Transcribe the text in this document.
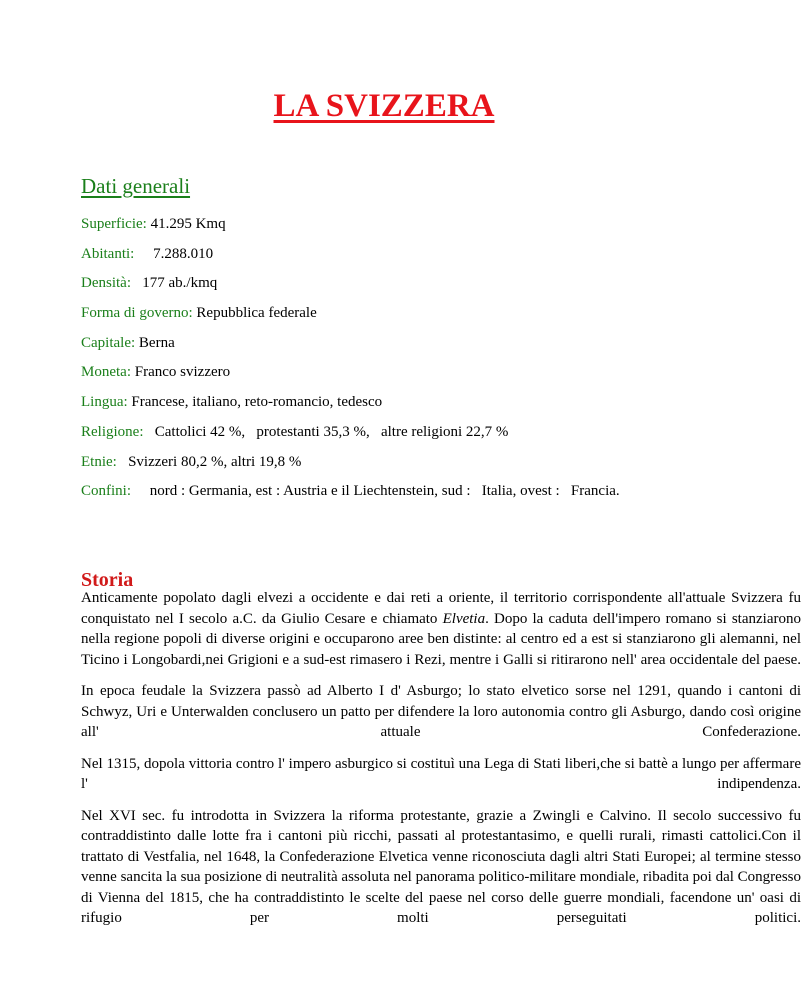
LA SVIZZERA
Dati generali
Superficie: 41.295 Kmq
Abitanti:     7.288.010
Densità:   177 ab./kmq
Forma di governo: Repubblica federale
Capitale: Berna
Moneta: Franco svizzero
Lingua: Francese, italiano, reto-romancio, tedesco
Religione:   Cattolici 42 %,   protestanti 35,3 %,   altre religioni 22,7 %
Etnie:   Svizzeri 80,2 %, altri 19,8 %
Confini:     nord : Germania, est : Austria e il Liechtenstein, sud :   Italia, ovest :   Francia.
Storia

Anticamente popolato dagli elvezi a occidente e dai reti a oriente, il territorio corrispondente all'attuale Svizzera fu conquistato nel I secolo a.C. da Giulio Cesare e chiamato Elvetia. Dopo la caduta dell'impero romano si stanziarono nella regione popoli di diverse origini e occuparono aree ben distinte: al centro ed a est si stanziarono gli alemanni, nel Ticino i Longobardi,nei Grigioni e a sud-est rimasero i Rezi, mentre i Galli si ritirarono nell' area occidentale del paese.

In epoca feudale la Svizzera passò ad Alberto I d' Asburgo; lo stato elvetico sorse nel 1291, quando i cantoni di Schwyz, Uri e Unterwalden conclusero un patto per difendere la loro autonomia contro gli Asburgo, dando così origine all' attuale Confederazione.

Nel 1315, dopola vittoria contro l' impero asburgico si costituì una Lega di Stati liberi,che si battè a lungo per affermare l' indipendenza.

Nel XVI sec. fu introdotta in Svizzera la riforma protestante, grazie a Zwingli e Calvino. Il secolo successivo fu contraddistinto dalle lotte fra i cantoni più ricchi, passati al protestantasimo, e quelli rurali, rimasti cattolici.Con il trattato di Vestfalia, nel 1648, la Confederazione Elvetica venne riconosciuta dagli altri Stati Europei; al termine stesso venne sancita la sua posizione di neutralità assoluta nel panorama politico-militare mondiale, ribadita poi dal Congresso di Vienna del 1815, che ha contraddistinto le scelte del paese nel corso delle guerre mondiali, facendone un' oasi di rifugio per molti perseguitati politici.
